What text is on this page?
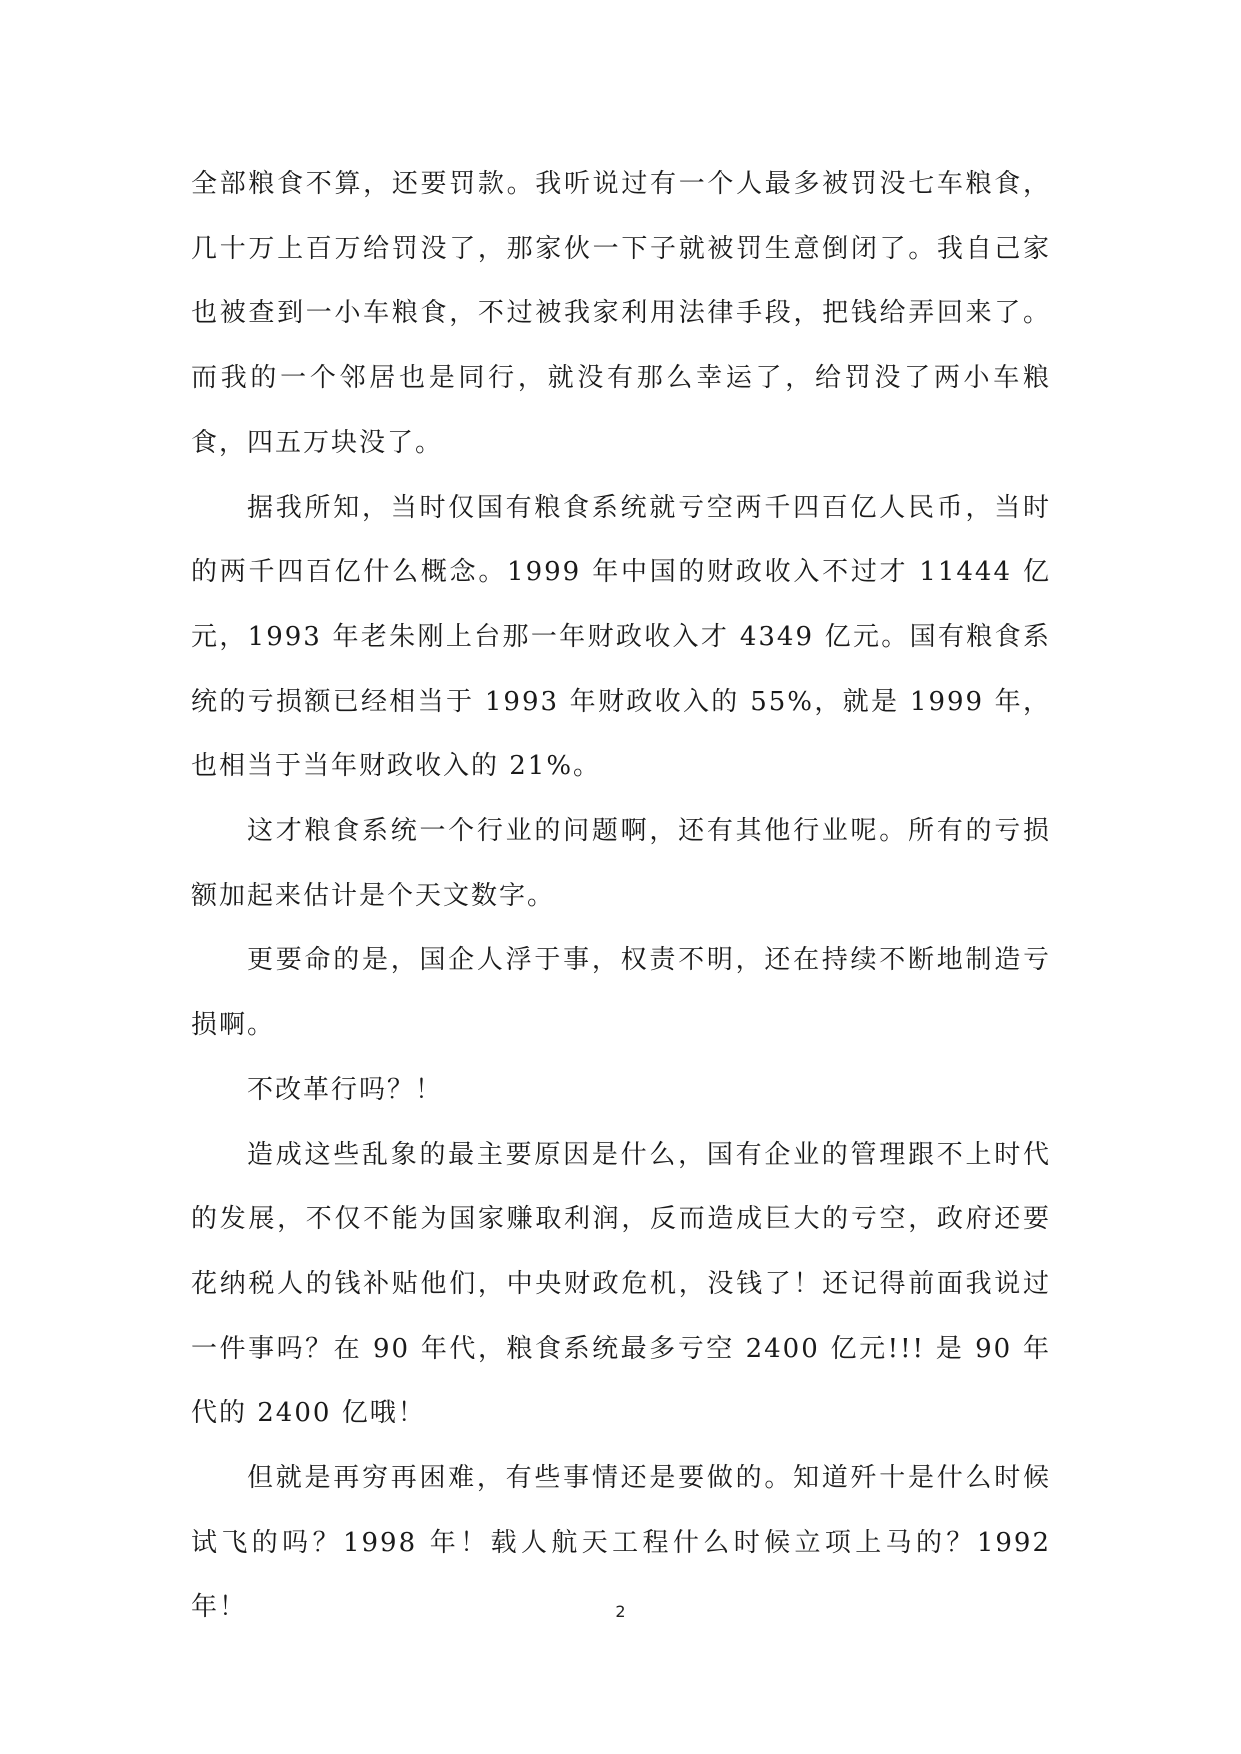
全部粮食不算，还要罚款。我听说过有一个人最多被罚没七车粮食，几十万上百万给罚没了，那家伙一下子就被罚生意倒闭了。我自己家也被查到一小车粮食，不过被我家利用法律手段，把钱给弄回来了。而我的一个邻居也是同行，就没有那么幸运了，给罚没了两小车粮食，四五万块没了。

据我所知，当时仅国有粮食系统就亏空两千四百亿人民币，当时的两千四百亿什么概念。1999 年中国的财政收入不过才 11444 亿元，1993 年老朱刚上台那一年财政收入才 4349 亿元。国有粮食系统的亏损额已经相当于 1993 年财政收入的 55%，就是 1999 年，也相当于当年财政收入的 21%。

这才粮食系统一个行业的问题啊，还有其他行业呢。所有的亏损额加起来估计是个天文数字。

更要命的是，国企人浮于事，权责不明，还在持续不断地制造亏损啊。

不改革行吗？！

造成这些乱象的最主要原因是什么，国有企业的管理跟不上时代的发展，不仅不能为国家赚取利润，反而造成巨大的亏空，政府还要花纳税人的钱补贴他们，中央财政危机，没钱了！还记得前面我说过一件事吗？在 90 年代，粮食系统最多亏空 2400 亿元!!! 是 90 年代的 2400 亿哦！

但就是再穷再困难，有些事情还是要做的。知道歼十是什么时候试飞的吗？1998 年！载人航天工程什么时候立项上马的？1992 年！	2
